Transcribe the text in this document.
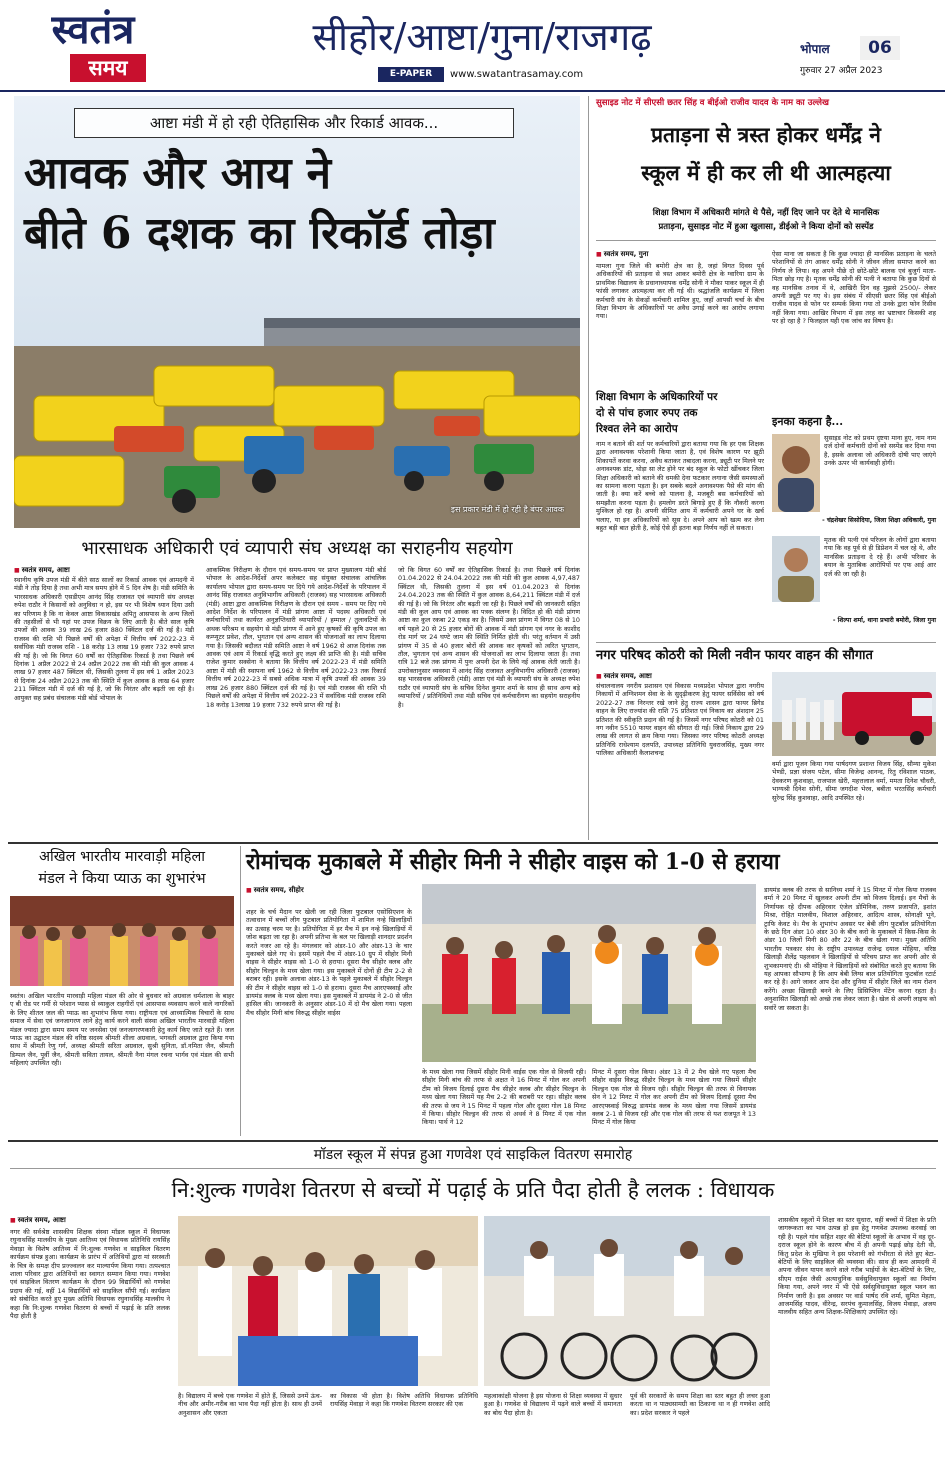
स्वतंत्र
समय
सीहोर/आष्टा/गुना/राजगढ़
E-PAPER	www.swatantrasamay.com
भोपाल	06
गुरुवार 27 अप्रैल 2023
आष्टा मंडी में हो रही ऐतिहासिक और रिकार्ड आवक...
आवक और आय ने
बीते 6 दशक का रिकॉर्ड तोड़ा
इस प्रकार मंडी में हो रही है बंपर आवक
भारसाधक अधिकारी एवं व्यापारी संघ अध्यक्ष का सराहनीय सहयोग
■ स्वतंत्र समय, आष्टा
स्थानीय कृषि उपज मंडी में बीते साठ सालों का रिकार्ड आवक एवं आमदनी में मंडी ने तोड़ दिया है तथा अभी मात्र समय होने में 5 दिन शेष है। मंडी समिति के भारसाधक अधिकारी एसडीएम आनंद सिंह राजावत एवं व्यापारी संघ अध्यक्ष रुपेश राठौर ने किसानों को अनुविधा न हो, इस पर भी विशेष ध्यान दिया उसी का परिणाम है कि ना केवल आष्टा विकासखंड अपितु आसपास के अन्य जिलों की तहसीलों से भी यहां पर उपज विक्रय के लिए आती है। बीते साल कृषि उपजों की आवक 39 लाख 26 हजार 880 क्विंटल दर्ज की गई है। मंडी राजस्व की राशि भी पिछले वर्षों की अपेक्षा में वित्तीय वर्ष 2022-23 में सर्वाधिक मंडी राजस्व राशि - 18 करोड़ 13 लाख 19 हजार 732 रुपये प्राप्त की गई है। जो कि विगत 60 वर्षों का ऐतिहासिक रिकार्ड है तथा पिछले वर्ष दिनांक 1 अप्रैल 2022 से 24 अप्रैल 2022 तक की मंडी की कुल आवक 4 लाख 97 हजार 487 क्विंटल थी, जिसकी तुलना में इस वर्ष 1 अप्रैल 2023 से दिनांक 24 अप्रैल 2023 तक की स्थिति में कुल आवक 8 लाख 64 हजार 211 क्विंटल मंडी में दर्ज की गई है, जो कि निरंतर और बढ़ती जा रही है। आयुक्त सह प्रबंध संचालक मंडी बोर्ड भोपाल के
आकस्मिक निरीक्षण के दौरान एवं समय-समय पर प्राप्त मुख्यालय मंडी बोर्ड भोपाल के आदेश-निर्देशों अपर कलेक्टर सह संयुक्त संचालक आंचलिक कार्यालय भोपाल द्वारा समय-समय पर दिये गये आदेश-निर्देशों के परिपालन में आनंद सिंह राजावत अनुविभागीय अधिकारी (राजस्व) सह भारसाधक अधिकारी (मंडी) आष्टा द्वारा आकस्मिक निरीक्षण के दौरान एवं समय - समय पर दिए गये आदेश निर्देश के परिपालन में मंडी प्रांगण आष्टा में पदस्थ अधिकारी एवं कर्मचारियों तथा कार्यरत अनुज्ञप्तिधारी व्यापारियों / हम्माल / तुलावटियों के अथक परिश्रम व सहयोग से मंडी प्रांगण में आने हुए कृषकों की कृषि उपज का कम्प्यूटर प्रवेश, तौल, भुगतान एवं अन्य शासन की योजनाओं का लाभ दिलाया गया है। जिसकी बदौलत मंडी समिति आष्टा ने वर्ष 1962 से आज दिनांक तक आवक एवं आय में रिकार्ड वृद्धि करते हुए लक्ष्य की प्राप्ति की है। मंडी सचिव राजेश कुमार सक्सेना ने बताया कि वित्तीय वर्ष 2022-23 में मंडी समिति आष्टा में मंडी की स्थापना वर्ष 1962 से वित्तीय वर्ष 2022-23 तक रिकार्ड वित्तीय वर्ष 2022-23 में सबसे अधिक मात्रा में कृषि उपजों की आवक 39 लाख 26 हजार 880 क्विंटल दर्ज की गई है। एवं मंडी राजस्व की राशि भी पिछले वर्षों की अपेक्षा में वित्तीय वर्ष 2022-23 में सर्वाधिक मंडी राजस्व राशि 18 करोड़ 13लाख 19 हजार 732 रुपये प्राप्त की गई है।
जो कि विगत 60 वर्षों का ऐतिहासिक रिकार्ड है। तथा पिछले वर्ष दिनांक 01.04.2022 से 24.04.2022 तक की मंडी की कुल आवक 4,97,487 क्विंटल थी, जिसकी तुलना में इस वर्ष 01.04.2023 से दिनांक 24.04.2023 तक की स्थिति में कुल आवक 8,64,211 क्विंटल मंडी में दर्ज की गई है। जो कि निरंतर और बढ़ती जा रही है। पिछले वर्षों की जानकारी सहित मंडी की कुल आय एवं आवक का पत्रक संलग्न है। विदित हो की मंडी प्रांगण आष्टा का कुल रकबा 22 एकड़ का है। जिसमें उक्त प्रांगण में विगत 08 से 10 वर्ष पहले 20 से 25 हजार बोरों की आवक में मंडी प्रांगण एवं नगर के काशीद रोड मार्ग पर 24 घण्टे जाम की स्थिति निर्मित होती थी। परंतु वर्तमान में उसी प्रांगण में 35 से 40 हजार बोरों की आवक कर कृषकों को त्वरित भुगतान, तौल, भुगतान एवं अन्य शासन की योजनाओं का लाभ दिलाया जाता है। तथा रात्रि 12 बजे तक प्रांगण में पुनः अपनी देश के लिये नई आवक लेती जाती है। उपरोक्तानुसार व्यवस्था में आनंद सिंह राजावत अनुविभागीय अधिकारी (राजस्व) सह भारसाधक अधिकारी (मंडी) आष्टा एवं मंडी के व्यापारी संघ के अध्यक्ष रुपेश राठौर एवं व्यापारी संघ के सचिव दिनेश कुमार शर्मा के साथ ही साथ अन्य बड़े व्यापारियों / प्रतिनिधियों तथा मंडी सचिव एवं कर्मचारीगण का सहयोग सराहनीय है।
सुसाइड नोट में सीएसी छतर सिंह व बीईओ राजीव यादव के नाम का उल्लेख
प्रताड़ना से त्रस्त होकर धर्मेंद्र ने
स्कूल में ही कर ली थी आत्महत्या
शिक्षा विभाग में अधिकारी मांगते थे पैसे, नहीं दिए जाने पर देते थे मानसिक
प्रताड़ना, सुसाइड नोट में हुआ खुलासा, डीईओ ने किया दोनों को सस्पेंड
■ स्वतंत्र समय, गुना
मामला गुना जिले की बमोरी क्षेत्र का है, जहां विगत दिवस पूर्व अधिकारियों की प्रताड़ना से त्रस्त आकर बमोरी क्षेत्र के ग्वारिया ग्राम के प्राथमिक विद्यालय के प्रधानाध्यापक धर्मेंद्र सोनी ने मौका पाकर स्कूल में ही फांसी लगाकर आत्महत्या कर ली गई थी। श्रद्धांजलि कार्यक्रम में जिला कर्मचारी संघ के सेकड़ों कर्मचारी शामिल हुए, जहाँ आपसी चर्चा के बीच शिक्षा विभाग के अधिकारियों पर अवैध उगाई करने का आरोप लगाया गया।
शिक्षा विभाग के अधिकारियों पर
दो से पांच हजार रुपए तक
रिश्वत लेने का आरोप
नाम न बताने की शर्त पर कर्मचारियों द्वारा बताया गया कि हर एक शिक्षक द्वारा अनावश्यक परेशानी किया जाता है, एवं विशेष कारण पर झूठी शिकायतें करवा करना, अवैध बताकर तबादला करना, ड्यूटी पर मिलने पर अनावश्यक डांट, थोड़ा सा लेट होने पर बंद स्कूल के फोटो खींचकर जिला शिक्षा अधिकारी को बताने की धमकी देना फटकार लगाना जैसी समस्याओं का सामना करना पड़ता है। इन सबके बदले अनावश्यक पैसे की मांग की जाती है। क्या करें बच्चे को पालना है, मजबूरी बस कर्मचारियों को समझौता करना पड़ता है। हमलोग डरते बिगाड़े हुए हैं कि नौकरी करना मुश्किल हो रहा है। अपनी सीमित आय में कर्मचारी अपने घर के खर्च चलाए, या इन अधिकारियों को सूस दे। अपने आप को खत्म कर लेना बहुत बड़ी बात होती है, कोई ऐसे ही इतना बड़ा निर्णय नहीं ले सकता।
ऐसा माना जा सकता है कि कुछ ज्यादा ही मानसिक प्रताड़ना के चलते परेशानियों से तंग आकर धर्मेंद्र सोनी ने जीवन लीला समाप्त करने का निर्णय ले लिया। वह अपने पीछे दो छोटे-छोटे बालक एवं बुजुर्ग माता-पिता छोड़ गए है। मृतक धर्मेंद्र सोनी की पत्नी ने बताया कि कुछ दिनों से वह मानसिक तनाव में थे, आखिरी दिन वह मुझसे 2500/- लेकर अपनी ड्यूटी पर गए थे। इस संबंध में सीएसी छतर सिंह एवं बीईओ राजीव यादव से फोन पर सम्पर्क किया गया तो उनके द्वारा फोन रिसीव नहीं किया गया। आखिर विभाग में इस तरह का भ्रष्टाचार किसकी शह पर हो रहा है ? फिलहाल यही एक जांच का विषय है।
इनका कहना है...
सुसाइड नोट को प्रथम दृष्टया माना हुए, नाम नाम दर्ज दोनों कर्मचारी दोनों को सस्पेंड कर दिया गया है, इसके अलावा जो अधिकारी दोषी पाए जाएंगे उनके ऊपर भी कार्यवाही होगी।
- चंद्रशेखर सिसोदिया, जिला शिक्षा अधिकारी, गुना
मृतक की पत्नी एवं परिजन के लोगों द्वारा बताया गया कि वह पूर्व से ही डिप्रेशन में चल रहे थे, और मानसिक प्रताड़ना दे रहे हैं। अभी परिवार के बयान के मुताबिक आरोपियों पर एफ आई आर दर्ज की जा रही है।
- शिल्पा शर्मा, थाना प्रभारी बमोरी, जिला गुना
नगर परिषद कोठरी को मिली नवीन फायर वाहन की सौगात
■ स्वतंत्र समय, आष्टा
संचालनालय नगरीय प्रशासन एवं विकास मध्यप्रदेश भोपाल द्वारा नगरीय निकायों में अग्निशमन सेवा के के सुदृढ़ीकरण हेतु फायर सर्विसेस को वर्ष 2022-27 तक निरन्तर रखे जाने हेतु राज्य शासन द्वारा फायर ब्रिगेड वाहन के लिए राज्यांश की राशि 75 प्रतिशत एवं निकाय का अंशदान 25 प्रतिशत की स्वीकृति प्रदान की गई है। जिसमें नगर परिषद कोठरी को 01 नग नवीन 5510 फायर वाहन की सौगात दी गई। जिसे निकाय द्वारा 29 लाख की लागत से क्रय किया गया। जिसका नगर परिषद कोठरी अध्यक्ष प्रतिनिधि राधेश्याम दलपति, उपाध्यक्ष प्रतिनिधि युवराजसिंह, मुख्य नगर पालिका अधिकारी कैलाशचन्द्र
वर्मा द्वारा पूजन किया गया पार्षदगण प्रशान्त विजय सिंह, सौम्या मुकेश भेण्डी, प्रज्ञा संजय पटेल, सीमा विजेन्द्र आनन्द, रितु रविशाल पाठक, देवकरण कुशवाहा, राजपाल खेरी, महत्तलाल वर्मा, ममता दिनेश चौधरी, भाग्यश्री दिनेश सोनी, सीमा जगदीश भेरव, बबीता भरतसिंह कर्मचारी सुरेन्द्र सिंह कुशवाहा, आदि उपस्थित रहे।
अखिल भारतीय मारवाड़ी महिला
मंडल ने किया प्याऊ का शुभारंभ
स्वतंत्र। अखिल भारतीय मारवाड़ी महिला मंडल की ओर से बुधवार को अग्रवाल धर्मशाला के बाहर ए बी रोड पर गर्मी से परेशान प्यास से व्याकुल राहगीरों एवं आसपास व्यवसाय करने वाले नागरिकों के लिए शीतल जल की प्याऊ का शुभारंभ किया गया। राष्ट्रीयता एवं आध्यात्मिक विचारों के साथ समाज में सेवा एवं जनजागरण लाने हेतु कार्य करने वाली संस्था अखिल भारतीय मारवाड़ी महिला मंडल ज्यादा द्वारा समय समय पर जनसेवा एवं जनजागरणकारी हेतु कार्य किए जाते रहते हैं। जल प्याऊ का उद्घाटन मंडल की वरिष्ठ सदस्य श्रीमती शीला अग्रवाल, भगवती अग्रवाल द्वारा किया गया साथ में श्रीमती रेणु गर्ग, अध्यक्ष श्रीमती सरिता अग्रवाल, सुश्री सुनिता, डॉ.नमिता जैन, श्रीमती डिम्पल जैन, पूर्वी जैन, श्रीमती सविता तायल, श्रीमती नैना मंगल रचना भार्गव एवं मंडल की सभी महिलाएं उपस्थित रही।
रोमांचक मुकाबले में सीहोर मिनी ने सीहोर वाइस को 1-0 से हराया
■ स्वतंत्र समय, सीहोर
शहर के चर्च मैदान पर खेली जा रही जिला फुटबाल एसोसिएशन के तत्वाधान में बच्चों लीग फुटबाल प्रतियोगिता में शामिल नन्हे खिलाड़ियों का उत्साह चरम पर है। प्रतियोगिता में हर मैच में इन नन्हे खिलाड़ियों में जोश बढ़ता जा रहा है। अपनी प्रतिभा के बल पर खिलाड़ी शानदार प्रदर्शन करते नजर आ रहे है। मंगलवार को अंडर-10 और अंडर-13 के चार मुकाबले खेले गए थे। इसमें पहले मैच में अंडर-10 ग्रुप में सीहोर मिनी वाइस ने सीहोर वाइस को 1-0 से हराया। दूसरा मैच सीहोर क्लब और सीहोर चिल्ड्रन के मध्य खेला गया। इस मुकाबले में दोनों ही टीम 2-2 से बराबर रही। इसके अलावा अंडर-13 के पहले मुकाबले में सीहोर चिल्ड्रन की टीम ने सीहोर वाइस को 1-0 से हराया। दूसरा मैच आरएफ्स्वाई और डायमंड क्लब के मध्य खेला गया। इस मुकाबले में डायमंड ने 2-0 से जीत हासिल की। जानकारी के अनुसार अंडर-10 में दो मैच खेला गया। पहला मैच सीहोर मिनी बांच विरुद्ध सीहोर वाईस
के मध्य खेला गया जिसमें सीहोर मिनी वाईस एक गोल से विजयी रही। सीहोर मिनी बांच की तरफ से अक्षत ने 16 मिनट में गोल कर अपनी टीम को विजय दिलाई दूसरा मैच सीहोर क्लब और सीहोर चिल्ड्रन के मध्य खेला गया जिसमें यह मैच 2-2 की बराबरी पर रहा। सीहोर क्लब की तरफ से जय ने 15 मिनट में पहला गोल और दूसरा गोल 18 मिनट में किया। सीहोर चिल्ड्रन की तरफ से अथर्व ने 8 मिनट में एक गोल किया। पार्थ ने 12
मिनट में दूसरा गोल किया। अंडर 13 में 2 मैच खेले गए पहला मैच सीहोर वाईस विरुद्ध सीहोर चिल्ड्रन के मध्य खेला गया जिसमें सीहोर चिल्ड्रन एक गोल से विजय रही। सीहोर चिल्ड्रन की तरफ से विनायक सेन ने 12 मिनट में गोल कर अपनी टीम को विजय दिलाई दूसरा मैच आरएफ्स्वाई विरुद्ध डायमंड क्लब के मध्य खेला गया जिसमें डायमंड क्लब 2-1 से विजय रही और एक गोल की तरफ से यश राजपूत ने 13 मिनट में गोल किया
डायमंड क्लब की तरफ से सानिध्य शर्मा ने 15 मिनट में गोल किया राजक्व वर्मा ने 20 मिनट में खुलकर अपनी टीम को विजय दिलाई। इन मैचों के निर्णायक रहे दीपक अहिरवार एंजेल डोमिनिक, तरुण प्रजापति, इशांत मिश्रा, रोहित मालवीय, विशाल अहिरवार, आदित्य शास्त्र, सोनाक्षी भूने, ट्राफि केवट थे। मैच के शुभारंभ अवसर पर बेबी लीग फुटबॉल प्रतियोगिता के छठे दिन अंडर 10 अंडर 30 के बीच करो के मुकाबले में किस-किस के अंडर 10 जिलों मिनी 80 और 22 के बीच खेला गया। मुख्य अतिथि भारतीय पत्रकार संघ के राष्ट्रीय उपाध्यक्ष राजेन्द्र दयाल मोहिया, वरिष्ठ खिलाड़ी शैलेंद्र पहलवान ने खिलाड़ियों से परिचय प्राप्त कर अपनी ओर से शुभकामनाएं दी। श्री मोहिया ने खिलाड़ियों को संबोधित करते हुए बताया कि यह आपका सौभाग्य है कि आप बेबी लिग्स बाल प्रतियोगिता फुटबॉल रटार्ट कर रहे है। आगे जाकर आप देश और दुनिया में सीहोर जिले का नाम रोशन करेंगे। अच्छा खिलाड़ी बनने के लिए डिसिप्लिन मेंटेन करना रहता है। अनुशासित खिलाड़ी को अच्छे तक लेकर जाता है। खेल से अपनी लाइफ को सवांरें जा सकता है।
मॉडल स्कूल में संपन्न हुआ गणवेश एवं साइकिल वितरण समारोह
नि:शुल्क गणवेश वितरण से बच्चों में पढ़ाई के प्रति पैदा होती है ललक : विधायक
■ स्वतंत्र समय, आष्टा
नगर की सर्वश्रेष्ठ शासकीय शिक्षक संस्था मॉडल स्कूल में विधायक रघुनाथसिंह मालवीय के मुख्य आतिथ्य एवं विधायक प्रतिनिधि रायसिंह मेवाड़ा के विशेष आतिथ्य में नि:शुल्क गणवेश व साइकिल वितरण कार्यक्रम संपन्न हुआ। कार्यक्रम के प्रारंभ में अतिथियों द्वारा मां सरस्वती के चित्र के समक्ष दीप प्रज्ज्वलन कर माल्यार्पण किया गया। तत्पश्चात शाला परिवार द्वारा अतिथियों का स्वागत सम्मान किया गया। गणवेश एवं साइकिल वितरण कार्यक्रम के दौरान 99 विद्यार्थियों को गणवेश प्रदाय की गई, वहीं 14 विद्यार्थियों को साइकिल सौंपी गई। कार्यक्रम को संबोधित करते हुए मुख्य अतिथि विधायक रघुनाथसिंह मालवीय ने कहा कि नि:शुल्क गणवेश वितरण से बच्चों में पढ़ाई के प्रति ललक पैदा होती है
है। विद्यालय में बच्चे एक गणवेश में होते हैं, जिससे उनमें ऊंच-नीच और अमीर-गरीब का भाव पैदा नहीं होता है। साथ ही उनमें अनुशासन और एकता
का विकास भी होता है। विशेष अतिथि विधायक प्रतिनिधि रायसिंह मेवाड़ा ने कहा कि गणवेश वितरण सरकार की एक
महत्वाकांक्षी योजना है इस योजना से शिक्षा व्यवस्था में सुधार हुआ है। गणवेश से विद्यालय में पढ़ने वाले बच्चों में समानता का बोध पैदा होता है।
पूर्व की सरकारों के समय शिक्षा का स्तर बहुत ही लचर हुआ करता था न पाठ्यसामग्री का ठिकाना था न ही गणवेश आदि का। प्रदेश सरकार ने पहले
शासकीय स्कूलों में शिक्षा का स्तर सुधारा, वहीं बच्चों में शिक्षा के प्रति जागरूकता का भाव उत्पन्न हो इस हेतु गणवेश उपलब्ध करवाई जा रही है। पहले गांव सहित शहर की बेटियां स्कूलों के अभाव में वह दूर-दराज स्कूल होने के कारण बीच में ही अपनी पढ़ाई छोड़ देती थी, किंतु प्रदेश के मुखिया ने इस परेशानी को गंभीरता से लेते हुए बेटा-बेटियों के लिए साइकिल की व्यवस्था की। साथ ही कम आमदनी में अपना जीवन यापन करने वाले गरीब भाईयों के बेटा-बेटियों के लिए, सीएम राईस जैसी अत्याधुनिक सर्वसुविधायुक्त स्कूलों का निर्माण किया गया, अपने नगर में भी ऐसे सर्वसुविधायुक्त स्कूल भवन का निर्माण जारी है। इस अवसर पर वार्ड पार्षद रवि शर्मा, सुमित मेहता, आजमसिंह यादव, वीरेन्द्र, सरपंच कुमालसिंह, विजय मेवाड़ा, अजय मालवीय सहित अन्य शिक्षक-शिक्षिकाएं उपस्थित रहे।
